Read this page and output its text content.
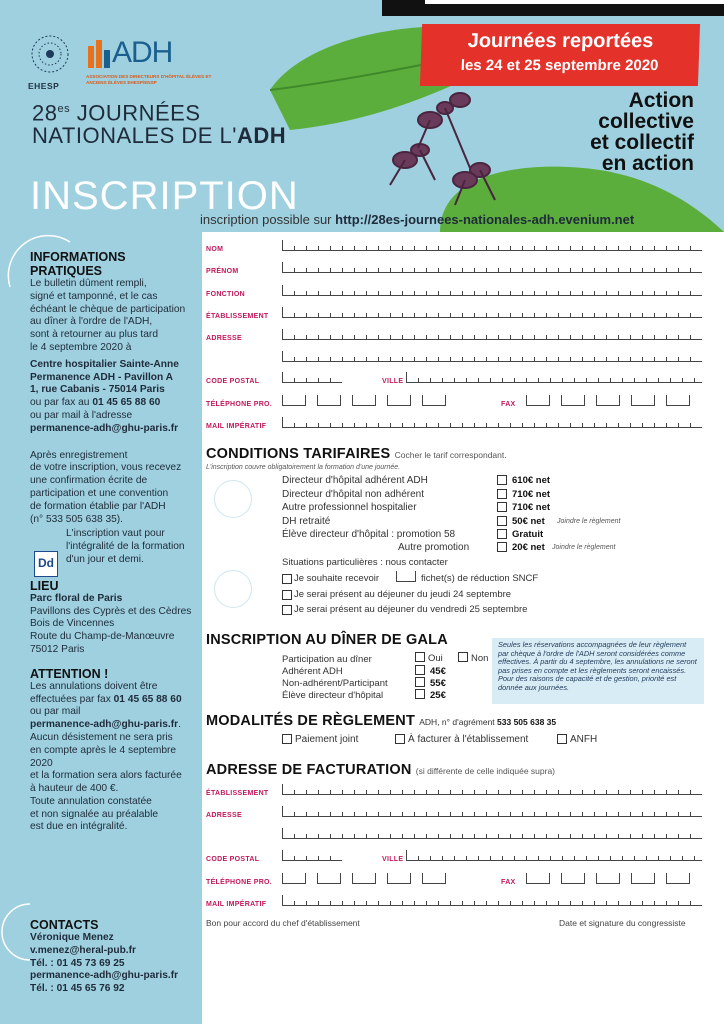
Journées reportées
les 24 et 25 septembre 2020
Action
collective
et collectif
en action
EHESP
ADH
ASSOCIATION DES DIRECTEURS D'HÔPITAL ÉLÈVES ET ANCIENS ÉLÈVES EHESP/ENSP
$28^{es}$ JOURNÉES
NATIONALES DE L'ADH
INSCRIPTION
inscription possible sur http://28es-journees-nationales-adh.evenium.net
INFORMATIONS PRATIQUES
Le bulletin dûment rempli,
signé et tamponné, et le cas
échéant le chèque de participation
au dîner à l'ordre de l'ADH,
sont à retourner au plus tard
le 4 septembre 2020 à
Centre hospitalier Sainte-Anne
Permanence ADH - Pavillon A
1, rue Cabanis - 75014 Paris
ou par fax au 01 45 65 88 60
ou par mail à l'adresse
permanence-adh@ghu-paris.fr
Après enregistrement
de votre inscription, vous recevez
une confirmation écrite de
participation et une convention
de formation établie par l'ADH
(n° 533 505 638 35).
L'inscription vaut pour
l'intégralité de la formation
d'un jour et demi.
LIEU
Parc floral de Paris
Pavillons des Cyprès et des Cèdres
Bois de Vincennes
Route du Champ-de-Manœuvre
75012 Paris
ATTENTION !
Les annulations doivent être
effectuées par fax 01 45 65 88 60
ou par mail
permanence-adh@ghu-paris.fr.
Aucun désistement ne sera pris
en compte après le 4 septembre 2020
et la formation sera alors facturée
à hauteur de 400 €.
Toute annulation constatée
et non signalée au préalable
est due en intégralité.
CONTACTS
Véronique Menez
v.menez@heral-pub.fr
Tél. : 01 45 73 69 25
permanence-adh@ghu-paris.fr
Tél. : 01 45 65 76 92
Dd
NOM
PRÉNOM
FONCTION
ÉTABLISSEMENT
ADRESSE
CODE POSTAL	VILLE
TÉLÉPHONE PRO.	FAX
MAIL IMPÉRATIF
CONDITIONS TARIFAIRES Cocher le tarif correspondant.
L'inscription couvre obligatoirement la formation d'une journée.
Directeur d'hôpital adhérent ADH	610€ net
Directeur d'hôpital non adhérent	710€ net
Autre professionnel hospitalier	710€ net
DH retraité	50€ net Joindre le règlement
Élève directeur d'hôpital : promotion 58	Gratuit
Autre promotion	20€ net Joindre le règlement
Situations particulières : nous contacter
Je souhaite recevoir	fichet(s) de réduction SNCF
Je serai présent au déjeuner du jeudi 24 septembre
Je serai présent au déjeuner du vendredi 25 septembre
INSCRIPTION AU DÎNER DE GALA
Participation au dîner	Oui	Non
Adhérent ADH	45€
Non-adhérent/Participant	55€
Élève directeur d'hôpital	25€
Seules les réservations accompagnées de leur règlement par chèque à l'ordre de l'ADH seront considérées comme effectives. À partir du 4 septembre, les annulations ne seront pas prises en compte et les règlements seront encaissés. Pour des raisons de capacité et de gestion, priorité est donnée aux journées.
MODALITÉS DE RÈGLEMENT ADH, n° d'agrément 533 505 638 35
Paiement joint	À facturer à l'établissement	ANFH
ADRESSE DE FACTURATION (si différente de celle indiquée supra)
ÉTABLISSEMENT
ADRESSE
CODE POSTAL	VILLE
TÉLÉPHONE PRO.	FAX
MAIL IMPÉRATIF
Bon pour accord du chef d'établissement	Date et signature du congressiste
